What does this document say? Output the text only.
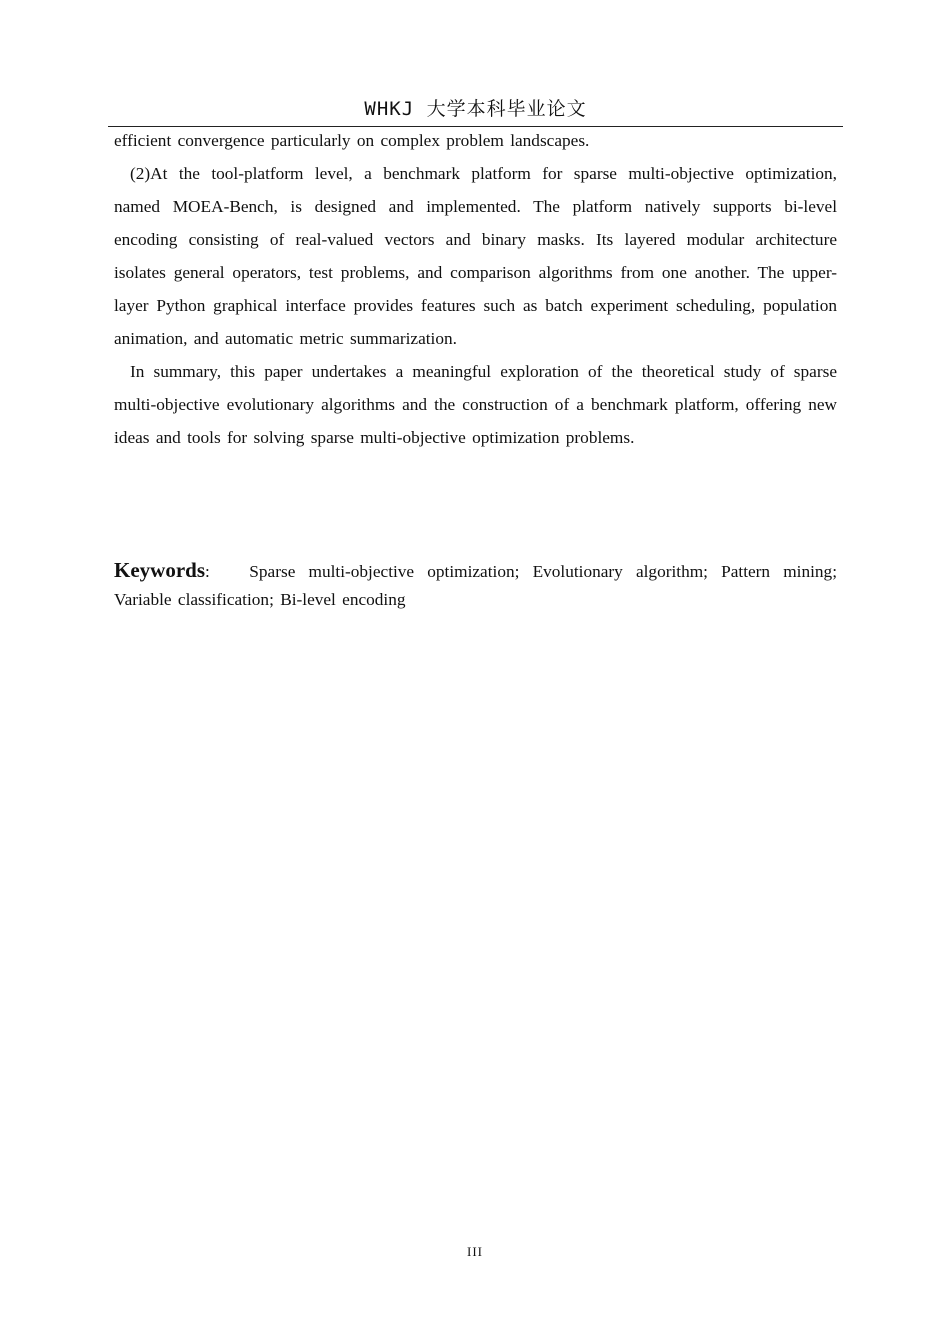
WHKJ 大学本科毕业论文

efficient convergence particularly on complex problem landscapes.

(2)At the tool-platform level, a benchmark platform for sparse multi-objective optimization, named MOEA-Bench, is designed and implemented. The platform natively supports bi-level encoding consisting of real-valued vectors and binary masks. Its layered modular architecture isolates general operators, test problems, and comparison algorithms from one another. The upper-layer Python graphical interface provides features such as batch experiment scheduling, population animation, and automatic metric summarization.

In summary, this paper undertakes a meaningful exploration of the theoretical study of sparse multi-objective evolutionary algorithms and the construction of a benchmark platform, offering new ideas and tools for solving sparse multi-objective optimization problems.

Keywords: Sparse multi-objective optimization; Evolutionary algorithm; Pattern mining; Variable classification; Bi-level encoding
III
